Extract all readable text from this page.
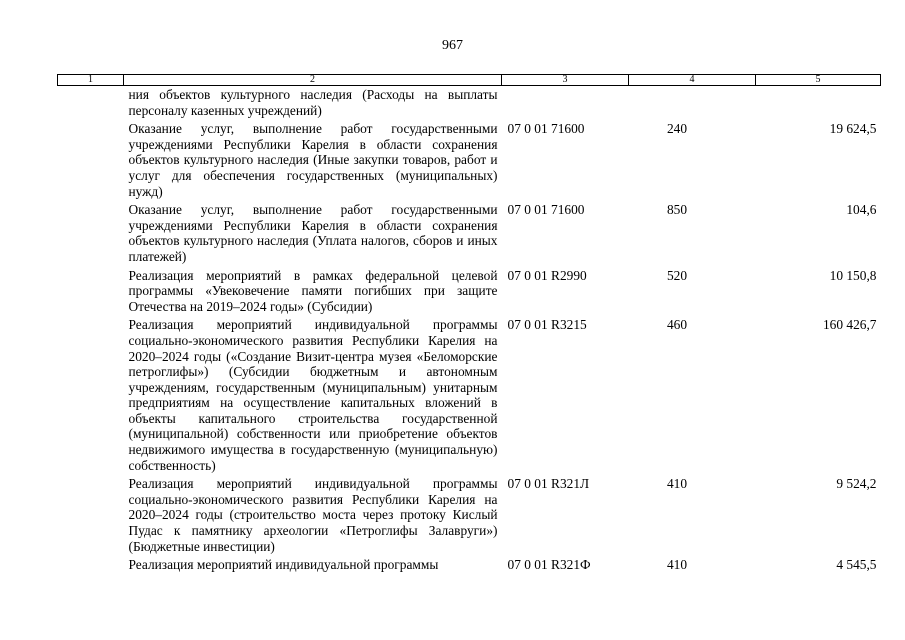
967
1	2	3	4	5
	ния объектов культурного наследия (Расходы на выплаты персоналу казенных учреждений)			
	Оказание услуг, выполнение работ государственными учреждениями Республики Карелия в области сохранения объектов культурного наследия (Иные закупки товаров, работ и услуг для обеспечения государственных (муниципальных) нужд)	07 0 01 71600	240	19 624,5
	Оказание услуг, выполнение работ государственными учреждениями Республики Карелия в области сохранения объектов культурного наследия (Уплата налогов, сборов и иных платежей)	07 0 01 71600	850	104,6
	Реализация мероприятий в рамках федеральной целевой программы «Увековечение памяти погибших при защите Отечества на 2019–2024 годы» (Субсидии)	07 0 01 R2990	520	10 150,8
	Реализация мероприятий индивидуальной программы социально-экономического развития Республики Карелия на 2020–2024 годы («Создание Визит-центра музея «Беломорские петроглифы») (Субсидии бюджетным и автономным учреждениям, государственным (муниципальным) унитарным предприятиям на осуществление капитальных вложений в объекты капитального строительства государственной (муниципальной) собственности или приобретение объектов недвижимого имущества в государственную (муниципальную) собственность)	07 0 01 R3215	460	160 426,7
	Реализация мероприятий индивидуальной программы социально-экономического развития Республики Карелия на 2020–2024 годы (строительство моста через протоку Кислый Пудас к памятнику археологии «Петроглифы Залавруги») (Бюджетные инвестиции)	07 0 01 R321Л	410	9 524,2
	Реализация мероприятий индивидуальной программы	07 0 01 R321Ф	410	4 545,5
